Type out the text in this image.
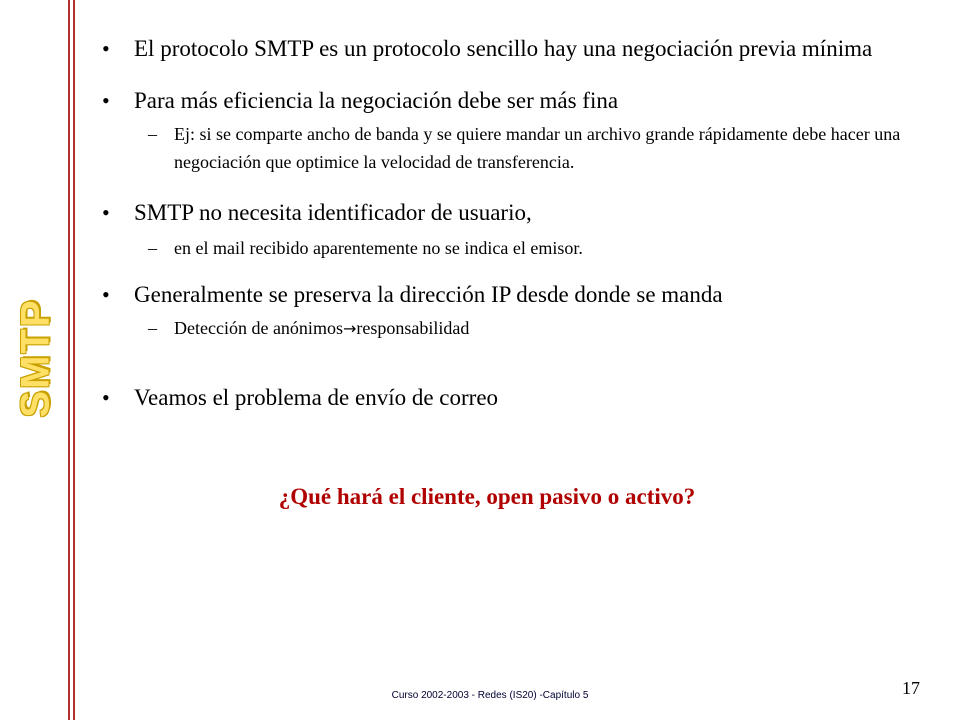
SMTP
• El protocolo SMTP es un protocolo sencillo hay una negociación previa mínima
• Para más eficiencia la negociación debe ser más fina
– Ej: si se comparte ancho de banda y se quiere mandar un archivo grande rápidamente debe hacer una negociación que optimice la velocidad de transferencia.
• SMTP no necesita identificador de usuario,
– en el mail recibido aparentemente no se indica el emisor.
• Generalmente se preserva la dirección IP desde donde se manda
– Detección de anónimos→responsabilidad
• Veamos el problema de envío de correo
¿Qué hará el cliente, open pasivo o activo?
Curso 2002-2003 - Redes (IS20) -Capítulo 5	17
